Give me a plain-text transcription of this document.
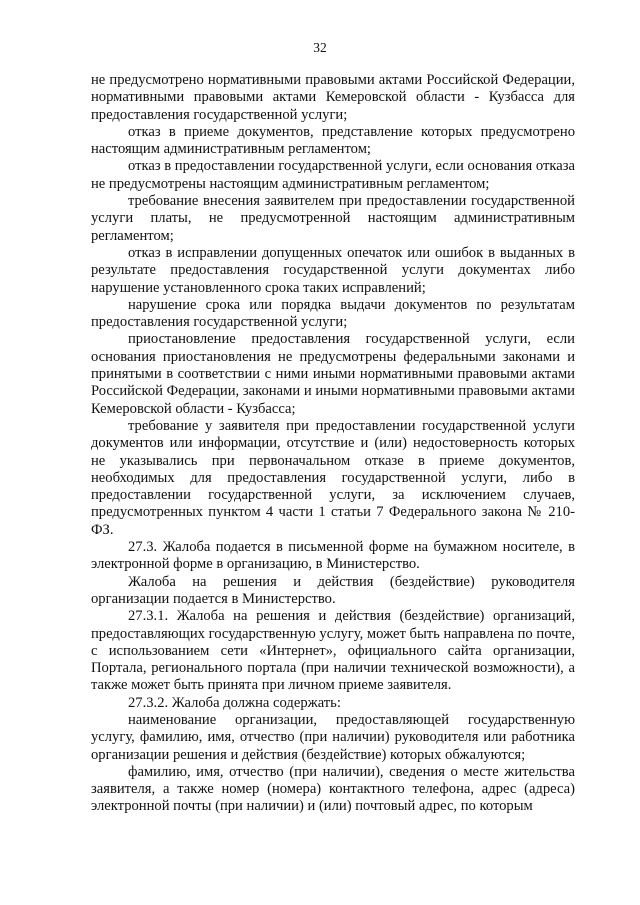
32

не предусмотрено нормативными правовыми актами Российской Федерации, нормативными правовыми актами Кемеровской области - Кузбасса для предоставления государственной услуги;

отказ в приеме документов, представление которых предусмотрено настоящим административным регламентом;

отказ в предоставлении государственной услуги, если основания отказа не предусмотрены настоящим административным регламентом;

требование внесения заявителем при предоставлении государственной услуги платы, не предусмотренной настоящим административным регламентом;

отказ в исправлении допущенных опечаток или ошибок в выданных в результате предоставления государственной услуги документах либо нарушение установленного срока таких исправлений;

нарушение срока или порядка выдачи документов по результатам предоставления государственной услуги;

приостановление предоставления государственной услуги, если основания приостановления не предусмотрены федеральными законами и принятыми в соответствии с ними иными нормативными правовыми актами Российской Федерации, законами и иными нормативными правовыми актами Кемеровской области - Кузбасса;

требование у заявителя при предоставлении государственной услуги документов или информации, отсутствие и (или) недостоверность которых не указывались при первоначальном отказе в приеме документов, необходимых для предоставления государственной услуги, либо в предоставлении государственной услуги, за исключением случаев, предусмотренных пунктом 4 части 1 статьи 7 Федерального закона № 210-ФЗ.

27.3. Жалоба подается в письменной форме на бумажном носителе, в электронной форме в организацию, в Министерство.

Жалоба на решения и действия (бездействие) руководителя организации подается в Министерство.

27.3.1. Жалоба на решения и действия (бездействие) организаций, предоставляющих государственную услугу, может быть направлена по почте, с использованием сети «Интернет», официального сайта организации, Портала, регионального портала (при наличии технической возможности), а также может быть принята при личном приеме заявителя.

27.3.2. Жалоба должна содержать:

наименование организации, предоставляющей государственную услугу, фамилию, имя, отчество (при наличии) руководителя или работника организации решения и действия (бездействие) которых обжалуются;

фамилию, имя, отчество (при наличии), сведения о месте жительства заявителя, а также номер (номера) контактного телефона, адрес (адреса) электронной почты (при наличии) и (или) почтовый адрес, по которым
